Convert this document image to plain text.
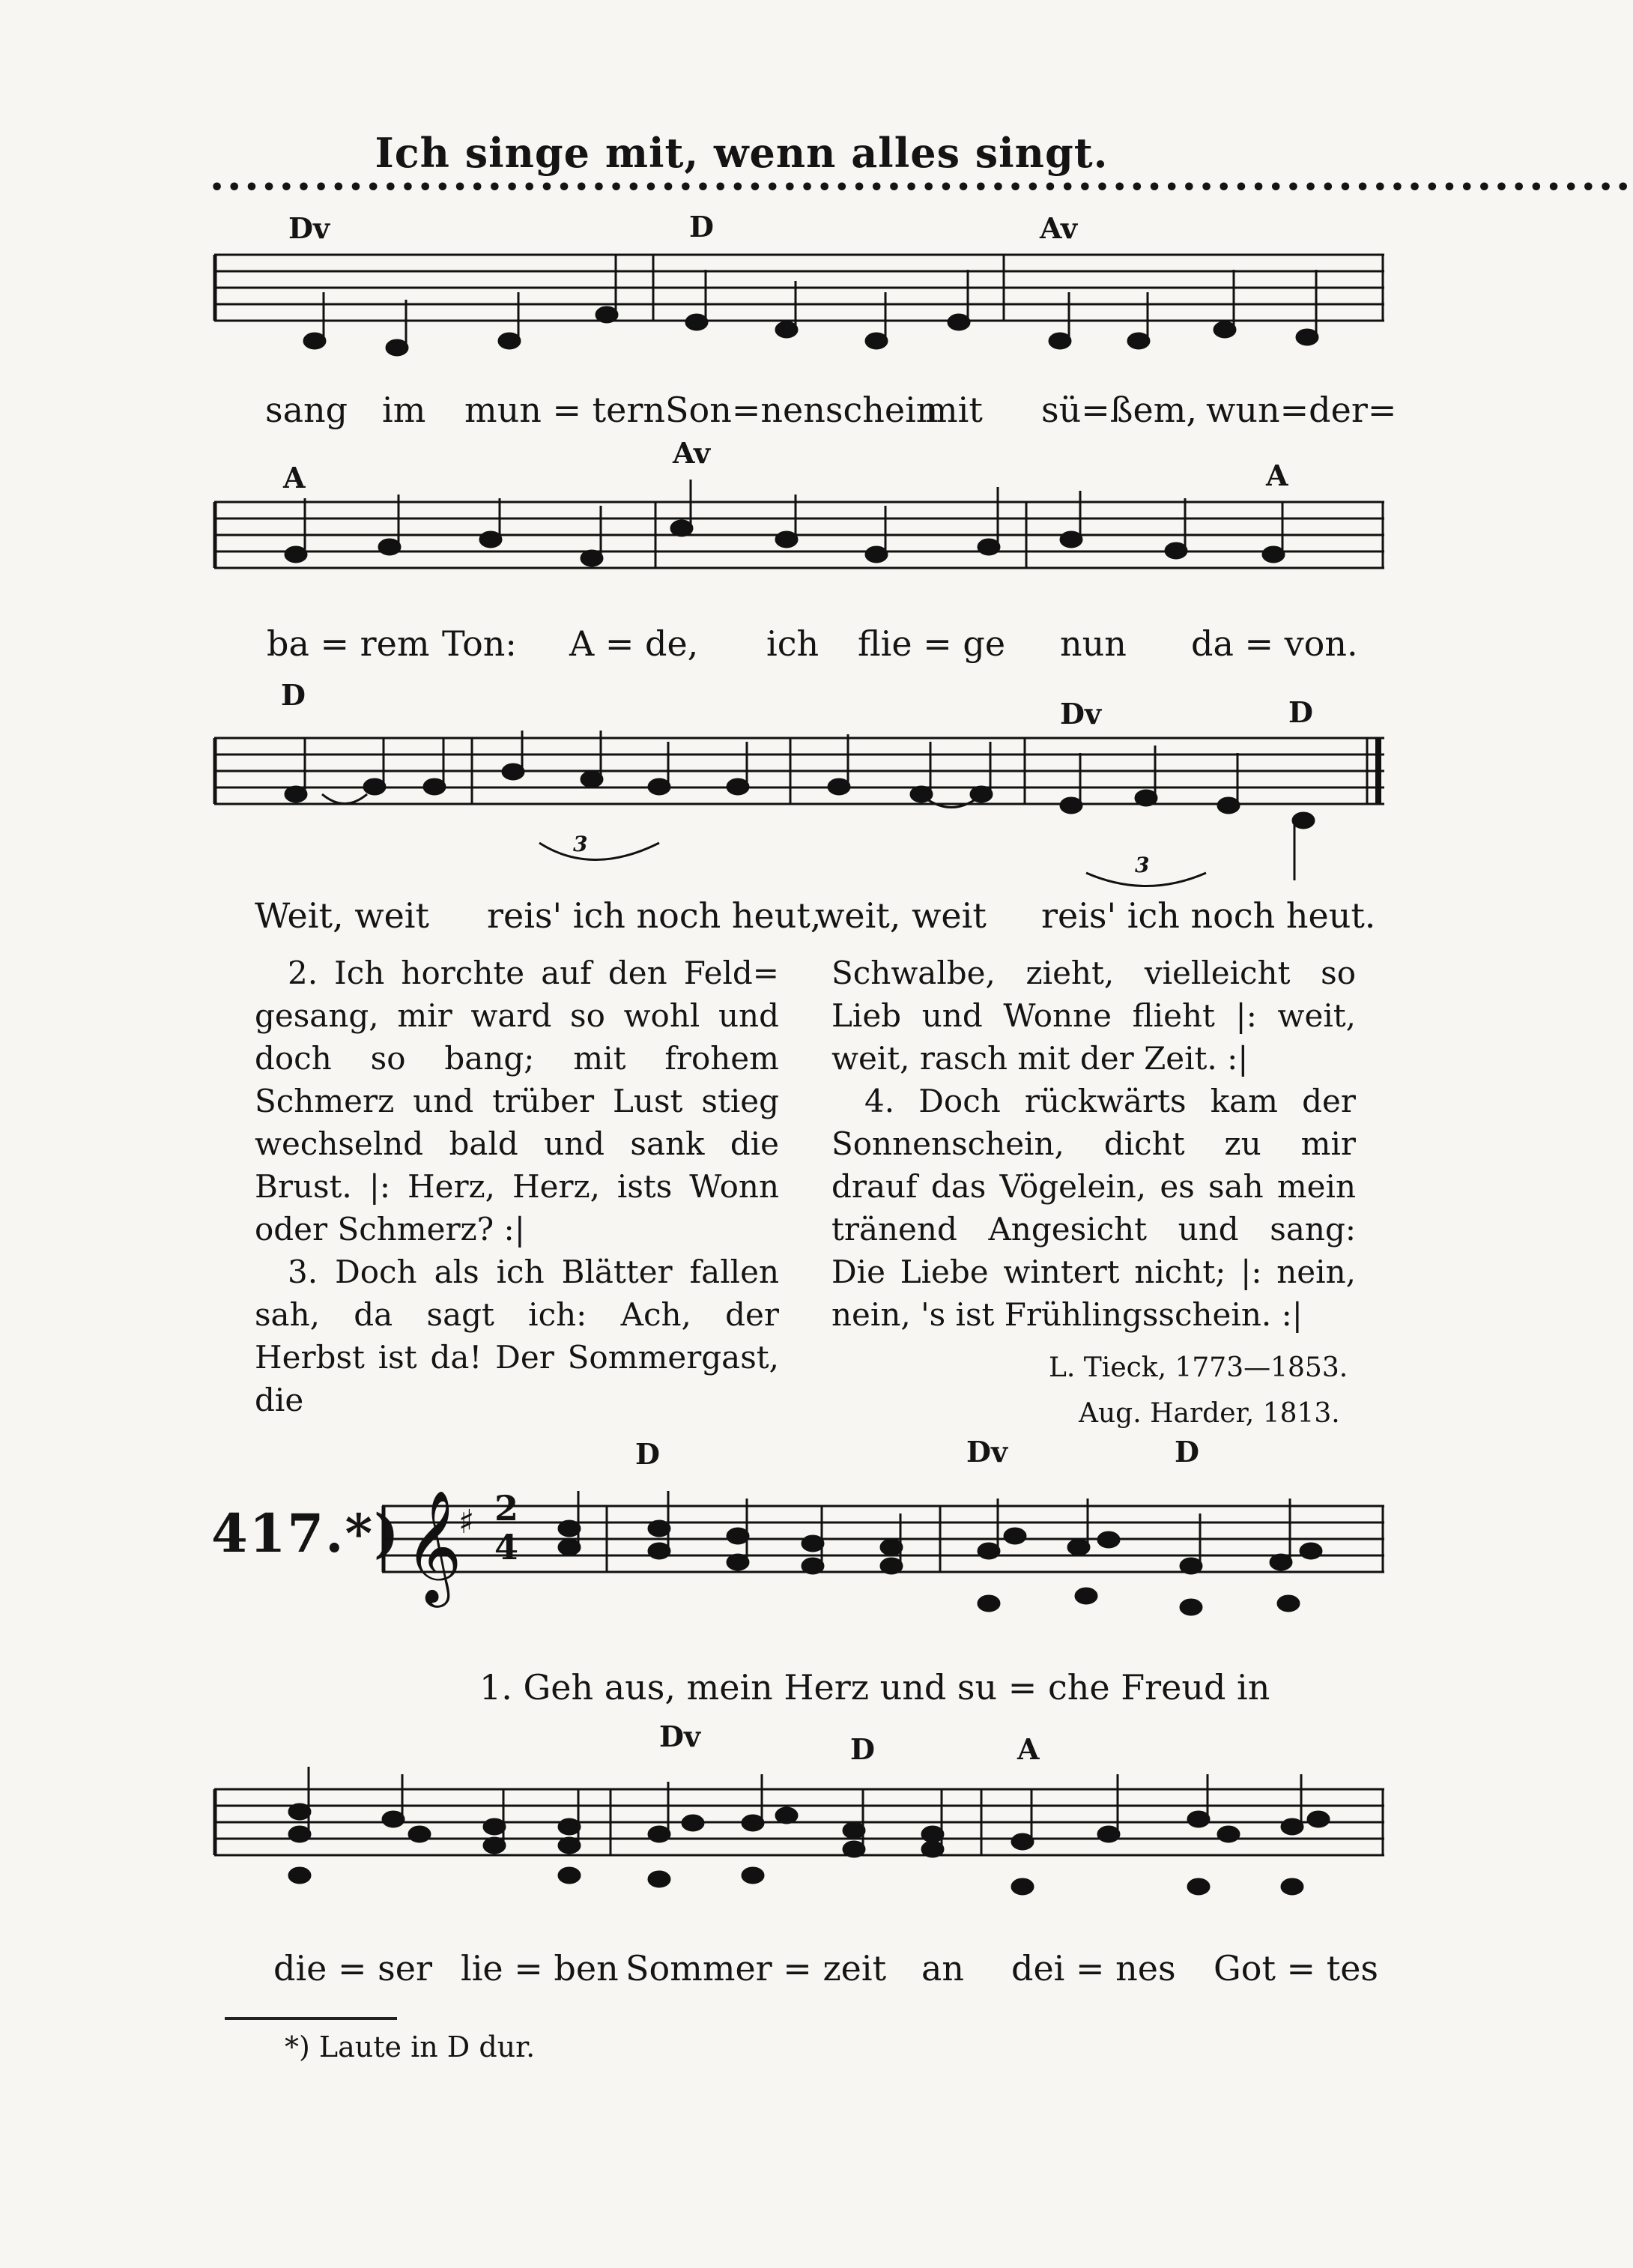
Ich singe mit, wenn alles singt.
••••••••••••••••••••••••••••••••••••••••••••••••••••••••••••••••••••••••••••••••••
Dv	D	Av
sang im mun = tern Son=nenschein
mit sü=ßem, wun=der=
A
Av
A
ba = rem Ton: A = de, ich flie = ge nun da = von.
D
Dv	D
3
3
Weit, weit reis' ich noch heut,
weit, weit reis' ich noch heut.

2. Ich horchte auf den Feld= gesang, mir ward so wohl und doch so bang; mit frohem Schmerz und trüber Lust stieg wechselnd bald und sank die Brust. |: Herz, Herz, ists Wonn oder Schmerz? :|

3. Doch als ich Blätter fallen sah, da sagt ich: Ach, der Herbst ist da! Der Sommergast, die

Schwalbe, zieht, vielleicht so Lieb und Wonne flieht |: weit, weit, rasch mit der Zeit. :|

4. Doch rückwärts kam der Sonnenschein, dicht zu mir drauf das Vögelein, es sah mein tränend Angesicht und sang: Die Liebe wintert nicht; |: nein, nein, 's ist Frühlingsschein. :|

L. Tieck, 1773—1853.
Aug. Harder, 1813.
417.*)
D	Dv	D
𝄞
♯ 2
4
1. Geh aus, mein Herz und su = che Freud in
Dv	D	A
die = ser lie = ben Sommer = zeit an dei = nes Got = tes
*) Laute in D dur.
